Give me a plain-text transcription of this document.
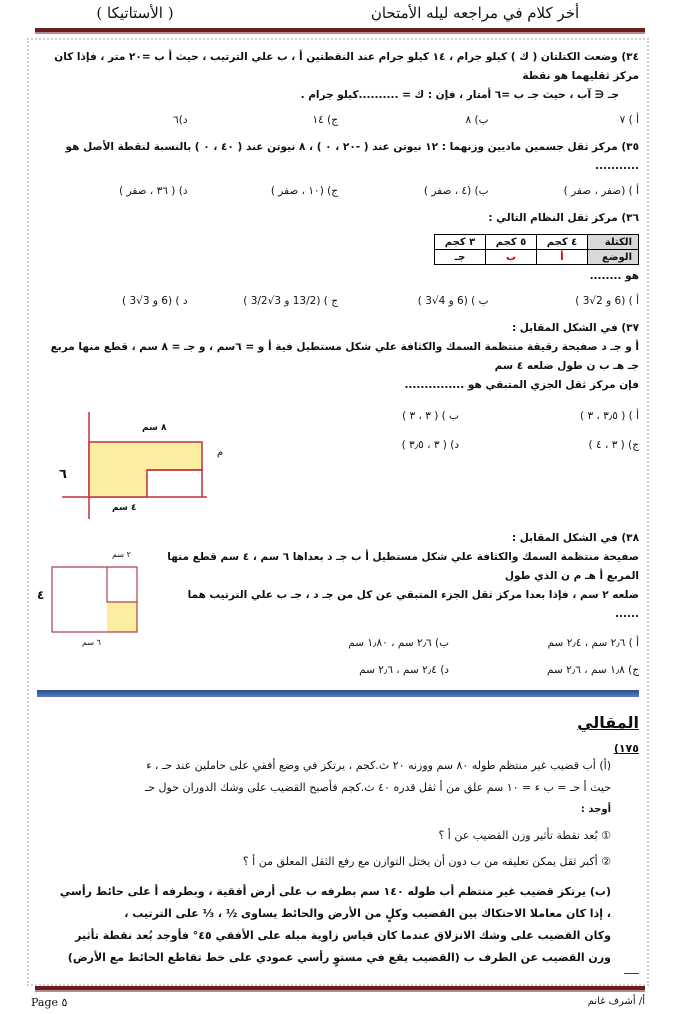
أخر كلام في مراجعه ليله الأمتحان
( الأستاتيكا )
٣٤) وضعت الكتلتان ( ك ) كيلو جرام ، ١٤ كيلو جرام عند النقطتين أ ، ب علي الترتيب ، حيث أ ب =٢٠ متر ، فإذا كان مركز ثقليهما هو نقطة
جـ ∈ آب ، حيث جـ ب =٦ أمتار ، فإن : ك = ..........كيلو جرام .
أ ) ٧
ب) ٨
ج) ١٤
د)٦
٣٥) مركز ثقل جسمين ماديين وزنهما : ١٢ نيوتن عند ( -٢٠ ، ٠ ) ، ٨ نيوتن عند ( ٤٠ ، ٠ ) بالنسبة لنقطة الأصل هو ...........
أ ) (صفر ، صفر )
ب) (٤ ، صفر )
ج) (١٠ ، صفر )
د) ( ٣٦ ، صفر )
٣٦) مركز ثقل النظام التالي :
الكتلة	٤ كجم	٥ كجم	٣ كجم
الوضع	أ	ب	جـ
هو ........
أ ) (6 و 2√3 )
ب ) (6 و 4√3 )
ج ) (13/2 و 3√3/2 )
د ) (6 و 3√3 )
٣٧) في الشكل المقابل :
أ و جـ د صفيحة رقيقة منتظمة السمك والكثافة علي شكل مستطيل فية أ و = ٦سم ، و جـ = ٨ سم ، قطع منها مربع جـ هـ ب ن طول ضلعه ٤ سم
فإن مركز ثقل الجزي المتبقي هو ...............
أ ) ( ٣٫٥ ، ٣ )
ب ) ( ٣ ، ٣ )
ج) ( ٣ ، ٤ )
د) ( ٣ ، ٣٫٥ )
٨ سم
٤ سم
٦
م
٣٨) في الشكل المقابل :
صفيحة منتظمة السمك والكثافة علي شكل مستطيل أ ب جـ د بعداها ٦ سم ، ٤ سم قطع منها المربع أ هـ م ن الذي طول
ضلعه ٢ سم ، فإذا بعدا مركز ثقل الجزء المتبقي عن كل من جـ د ، جـ ب علي الترتيب هما ......
أ ) ٢٫٦ سم ، ٢٫٤ سم
ب) ٢٫٦ سم ، ١٫٨٠ سم
ج) ١٫٨ سم ، ٢٫٦ سم
د) ٢٫٤ سم ، ٢٫٦ سم
٢ سم
٦ سم
٤
المقالي
١٧٥)
(أ) أب قضيب غير منتظم طوله ٨٠ سم ووزنه ٢٠ ث.كجم ، يرتكز في وضع أفقي على حاملين عند حـ ، ء
حيث أ حـ = ب ء = ١٠ سم علق من أ ثقل قدره ٤٠ ث.كجم فأصبح القضيب على وشك الدوران حول حـ
أوجد :
① بُعد نقطة تأثير وزن القضيب عن أ ؟
② أكبر ثقل يمكن تعليقه من ب دون أن يختل التوازن مع رفع الثقل المعلق من أ ؟
(ب) يرتكز قضيب غير منتظم أب طوله ١٤٠ سم بطرفه ب على أرض أفقية ، وبطرفه أ على حائط رأسي
، إذا كان معاملا الاحتكاك بين القضيب وكلٍ من الأرض والحائط يساوى ½ ، ⅓ على الترتيب ،
وكان القضيب على وشك الانزلاق عندما كان قياس زاوية ميله على الأفقي ٤٥° فأوجد بُعد نقطة تأثير
وزن القضيب عن الطرف ب (القضيب يقع في مستوٍ رأسي عمودي على خط تقاطع الحائط مع الأرض)
Page ٥	أ/ أشرف غانم
